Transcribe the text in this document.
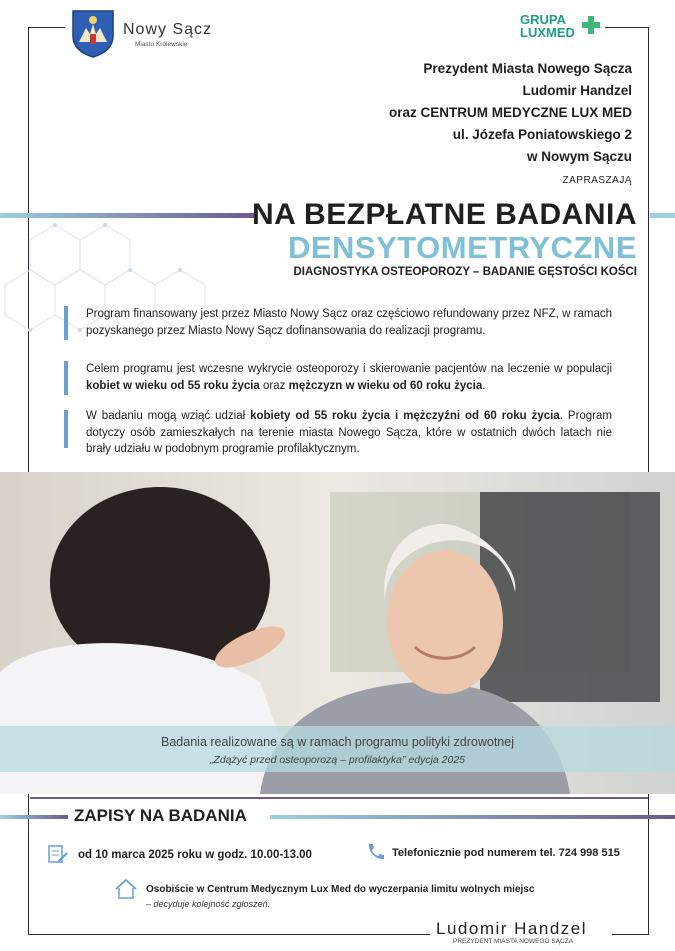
Nowy Sącz
Miasto Królewskie
GRUPA
LUXMED
Prezydent Miasta Nowego Sącza
Ludomir Handzel
oraz CENTRUM MEDYCZNE LUX MED
ul. Józefa Poniatowskiego 2
w Nowym Sączu
ZAPRASZAJĄ
NA BEZPŁATNE BADANIA
DENSYTOMETRYCZNE
DIAGNOSTYKA OSTEOPOROZY – BADANIE GĘSTOŚCI KOŚCI
Program finansowany jest przez Miasto Nowy Sącz oraz częściowo refundowany przez NFZ, w ramach pozyskanego przez Miasto Nowy Sącz dofinansowania do realizacji programu.
Celem programu jest wczesne wykrycie osteoporozy i skierowanie pacjentów na leczenie w populacji kobiet w wieku od 55 roku życia oraz mężczyzn w wieku od 60 roku życia.
W badaniu mogą wziąć udział kobiety od 55 roku życia i mężczyźni od 60 roku życia. Program dotyczy osób zamieszkałych na terenie miasta Nowego Sącza, które w ostatnich dwóch latach nie brały udziału w podobnym programie profilaktycznym.
Badania realizowane są w ramach programu polityki zdrowotnej
„Zdążyć przed osteoporozą – profilaktyka” edycja 2025
ZAPISY NA BADANIA
od 10 marca 2025 roku w godz. 10.00-13.00	Telefonicznie pod numerem tel. 724 998 515
Osobiście w Centrum Medycznym Lux Med do wyczerpania limitu wolnych miejsc
– decyduje kolejność zgłoszeń.
Ludomir Handzel
PREZYDENT MIASTA NOWEGO SĄCZA
